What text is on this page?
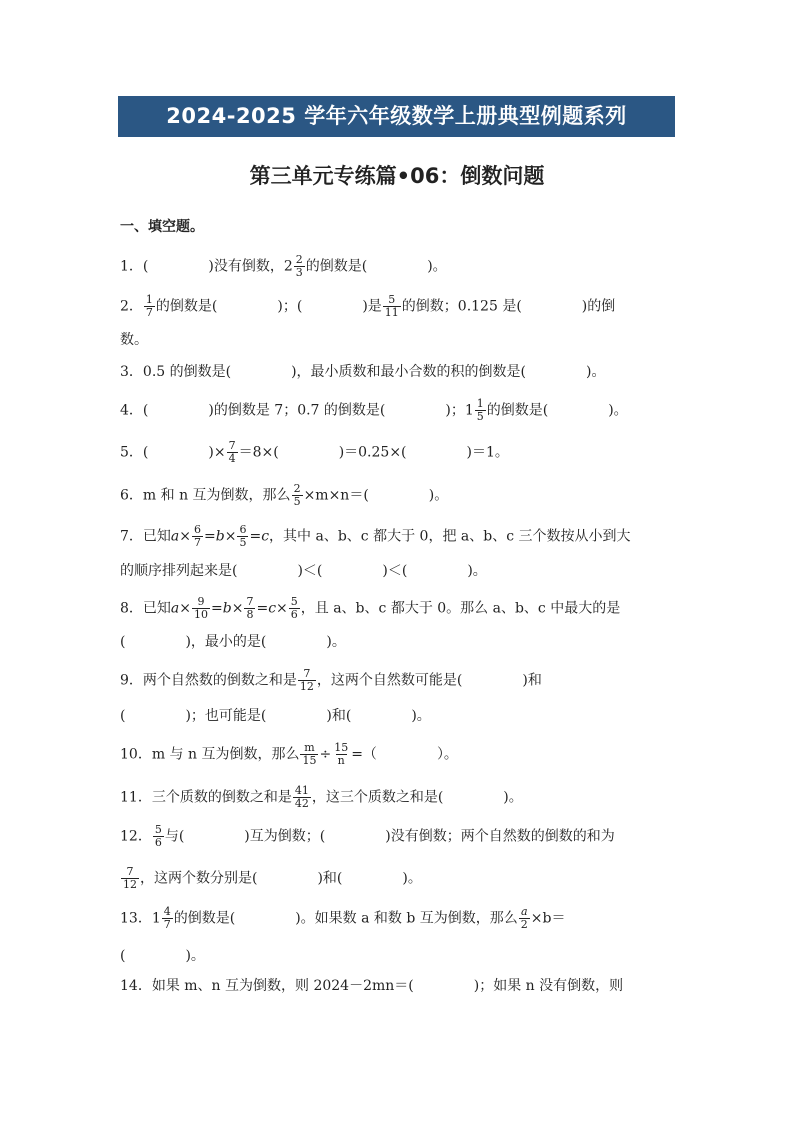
2024-2025 学年六年级数学上册典型例题系列
第三单元专练篇•06：倒数问题
一、填空题。
1．(	)没有倒数，$2 \frac{2}{3}$ 的倒数是(	)。
2． $\frac{1}{7}$ 的倒数是(	)；(	)是 $\frac{5}{11}$ 的倒数；0.125 是(	)的倒
数。
3．0.5 的倒数是(	)，最小质数和最小合数的积的倒数是(	)。
4．(	)的倒数是 7；0.7 的倒数是(	)；$1 \frac{1}{5}$ 的倒数是(	)。
5．(	)× $\frac{7}{4} =8\times$(	)＝0.25×(	)＝1。
6．m 和 n 互为倒数，那么 $\frac{2}{5} \times m\times n=$(	)。
7．已知$a\times \frac{6}{7} =b\times \frac{6}{5} =c$，其中 a、b、c 都大于 0，把 a、b、c 三个数按从小到大
的顺序排列起来是(	)＜(	)＜(	)。
8．已知$a\times \frac{9}{10} =b\times \frac{7}{8} =c\times \frac{5}{6}$ ，且 a、b、c 都大于 0。那么 a、b、c 中最大的是
(	)，最小的是(	)。
9．两个自然数的倒数之和是 $\frac{7}{12}$ ，这两个自然数可能是(	)和
(	)；也可能是(	)和(	)。
10．m 与 n 互为倒数，那么 $\frac{m}{15} \div \frac{15}{n}$ =（	）。
11．三个质数的倒数之和是 $\frac{41}{42}$ ，这三个质数之和是(	)。
12． $\frac{5}{6}$ 与(	)互为倒数；(	)没有倒数；两个自然数的倒数的和为
$\frac{7}{12}$ ，这两个数分别是(	)和(	)。
13．$1 \frac{4}{7}$ 的倒数是(	)。如果数 a 和数 b 互为倒数，那么 $\frac{a}{2} \times b=$
(	)。
14．如果 m、n 互为倒数，则 2024－2mn＝(	)；如果 n 没有倒数，则
